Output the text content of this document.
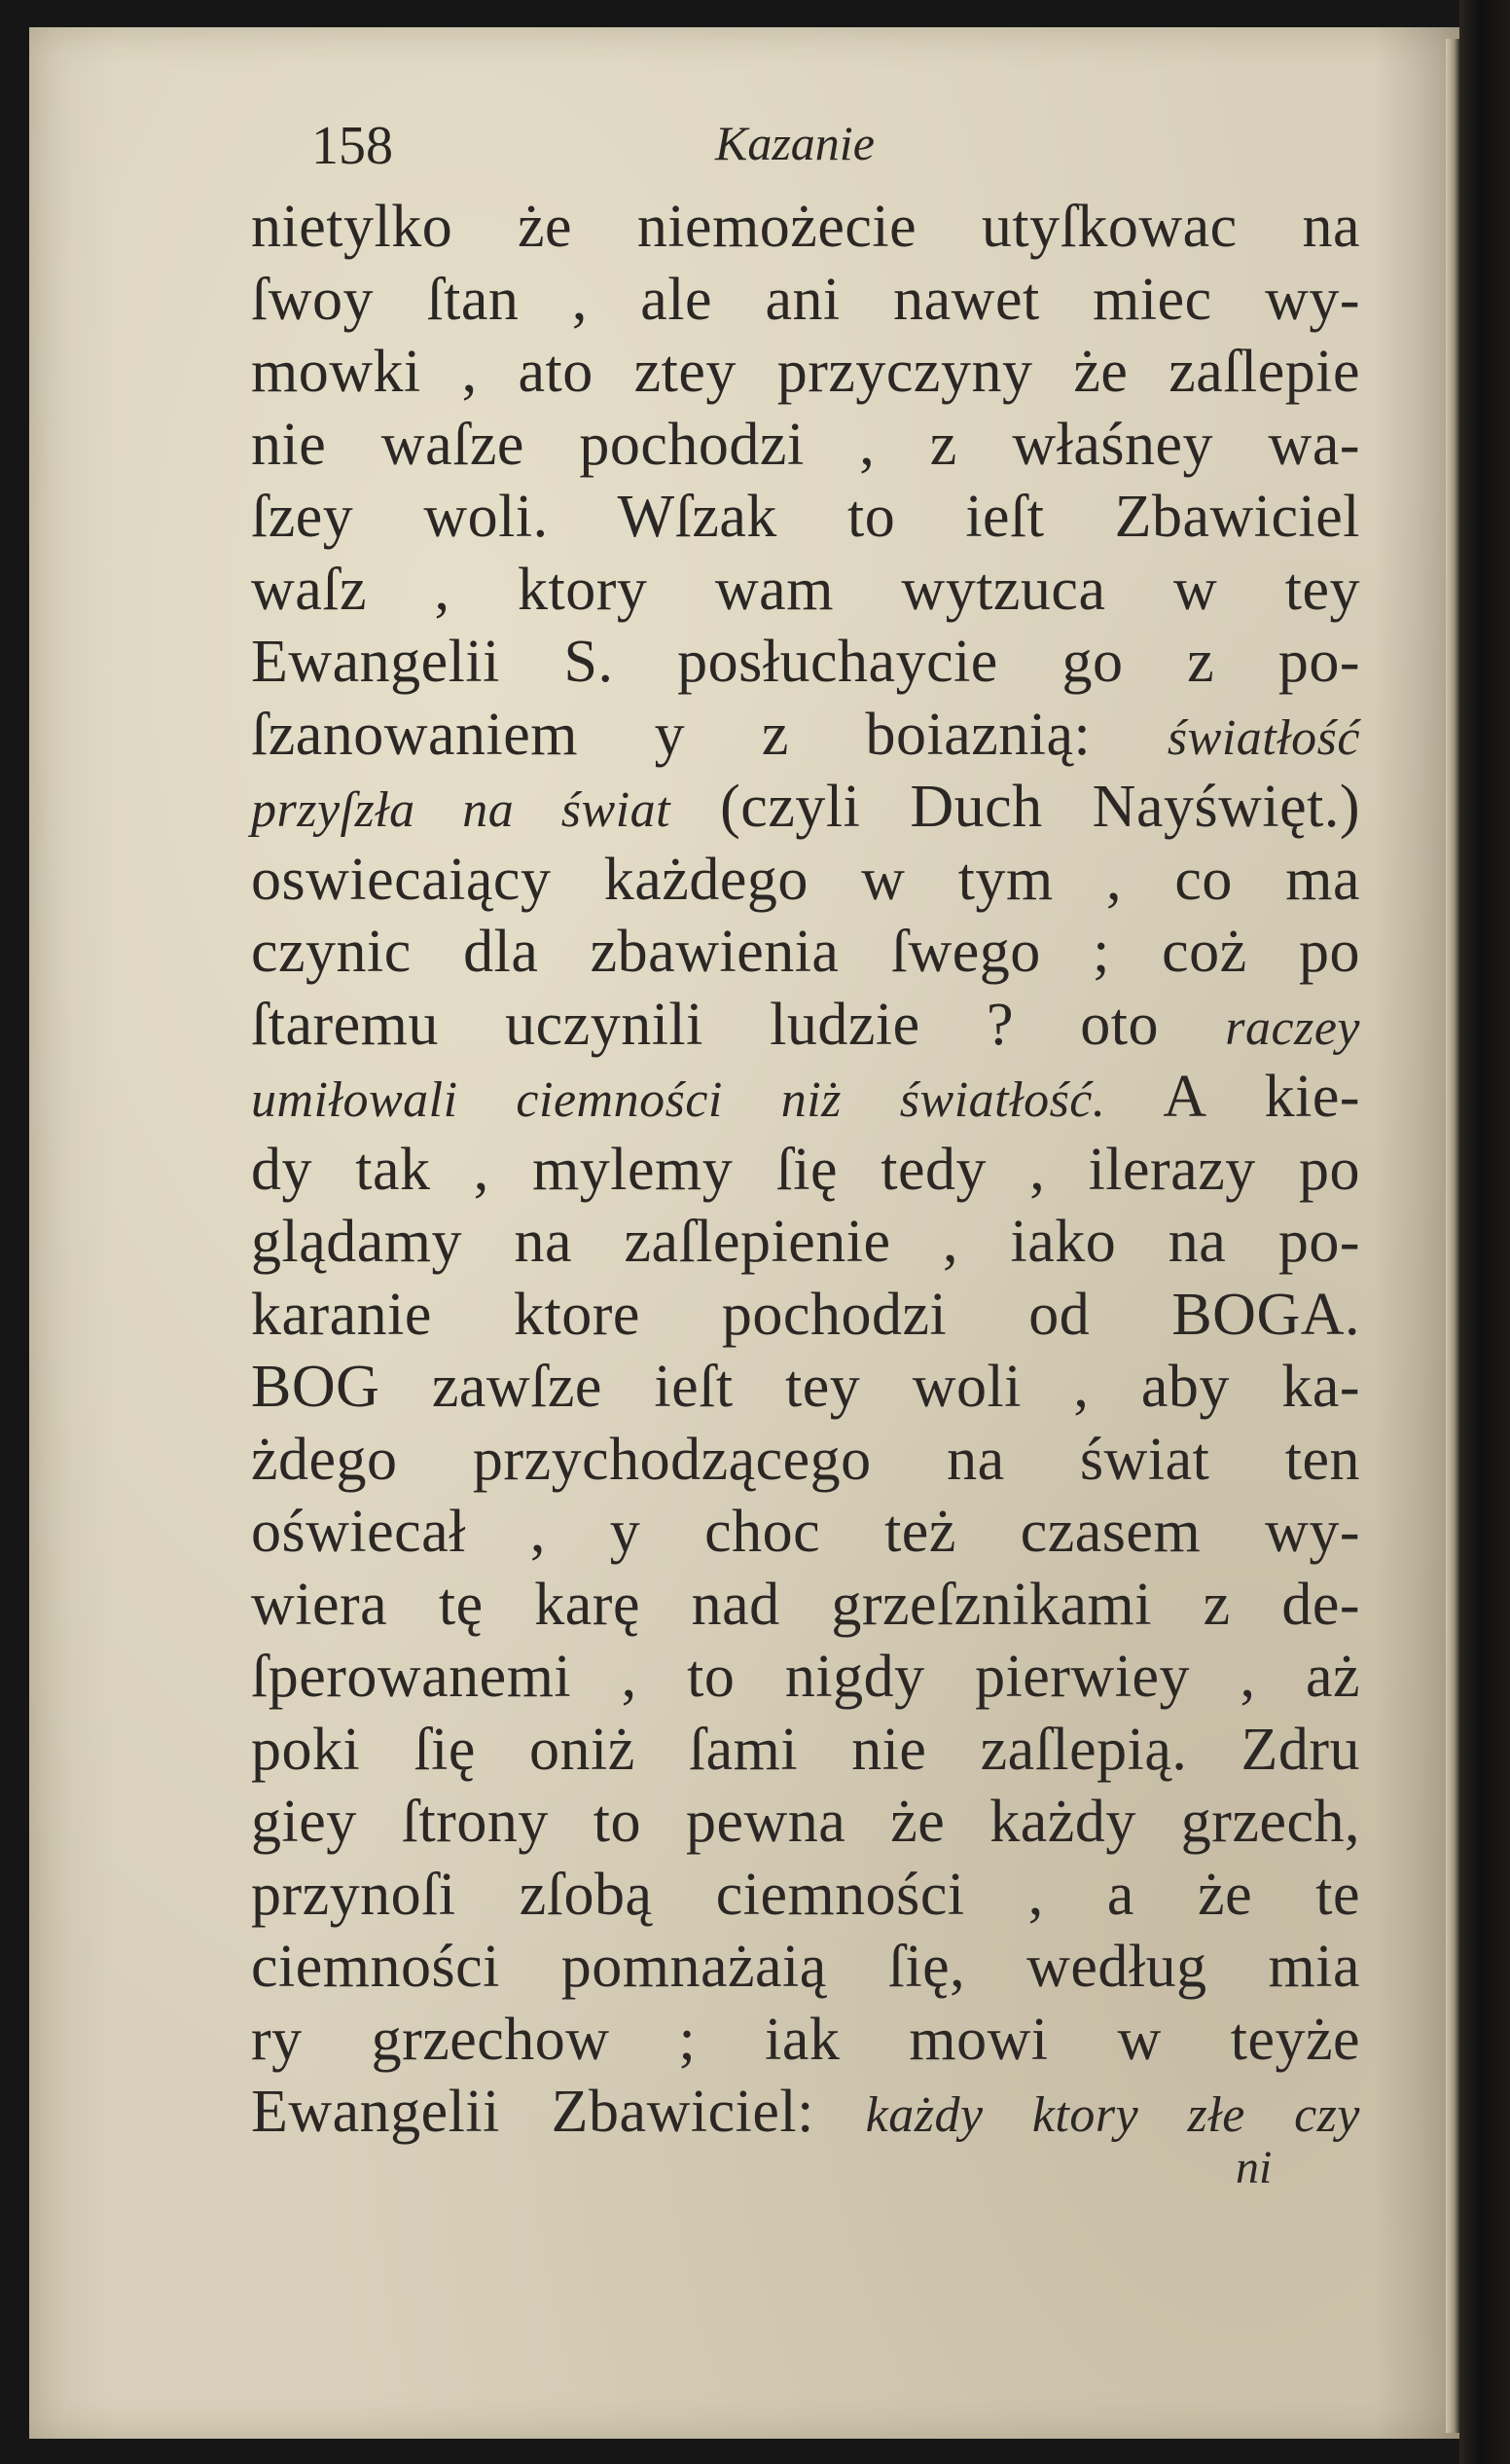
158	Kazanie
nietylko że niemożecie utyſkowac na
ſwoy ſtan , ale ani nawet miec wy-
mowki , ato ztey przyczyny że zaſlepie
nie waſze pochodzi , z właśney wa-
ſzey woli. Wſzak to ieſt Zbawiciel
waſz , ktory wam wytzuca w tey
Ewangelii S. posłuchaycie go z po-
ſzanowaniem y z boiaznią: światłość
przyſzła na świat (czyli Duch Nayświęt.)
oswiecaiący każdego w tym , co ma
czynic dla zbawienia ſwego ; coż po
ſtaremu uczynili ludzie ? oto raczey
umiłowali ciemności niż światłość. A kie-
dy tak , mylemy ſię tedy , ilerazy po
glądamy na zaſlepienie , iako na po-
karanie ktore pochodzi od BOGA.
BOG zawſze ieſt tey woli , aby ka-
żdego przychodzącego na świat ten
oświecał , y choc też czasem wy-
wiera tę karę nad grzeſznikami z de-
ſperowanemi , to nigdy pierwiey , aż
poki ſię oniż ſami nie zaſlepią. Zdru
giey ſtrony to pewna że każdy grzech,
przynoſi zſobą ciemności , a że te
ciemności pomnażaią ſię, według mia
ry grzechow ; iak mowi w teyże
Ewangelii Zbawiciel: każdy ktory złe czy
ni
